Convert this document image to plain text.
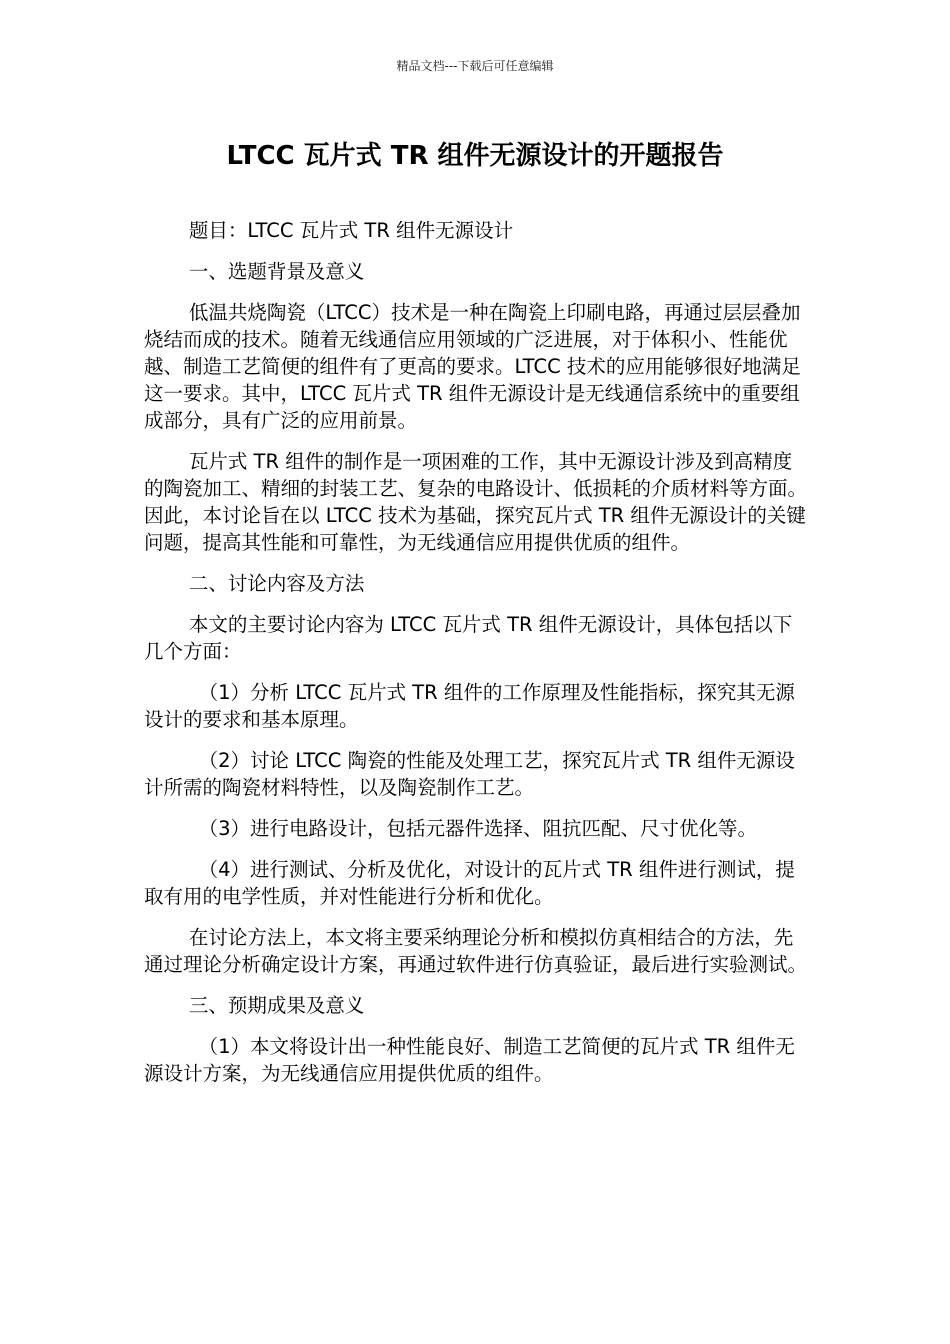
精品文档---下载后可任意编辑
LTCC 瓦片式 TR 组件无源设计的开题报告

题目：LTCC 瓦片式 TR 组件无源设计

一、选题背景及意义

低温共烧陶瓷（LTCC）技术是一种在陶瓷上印刷电路，再通过层层叠加烧结而成的技术。随着无线通信应用领域的广泛进展，对于体积小、性能优越、制造工艺简便的组件有了更高的要求。LTCC 技术的应用能够很好地满足这一要求。其中，LTCC 瓦片式 TR 组件无源设计是无线通信系统中的重要组成部分，具有广泛的应用前景。

瓦片式 TR 组件的制作是一项困难的工作，其中无源设计涉及到高精度的陶瓷加工、精细的封装工艺、复杂的电路设计、低损耗的介质材料等方面。因此，本讨论旨在以 LTCC 技术为基础，探究瓦片式 TR 组件无源设计的关键问题，提高其性能和可靠性，为无线通信应用提供优质的组件。

二、讨论内容及方法

本文的主要讨论内容为 LTCC 瓦片式 TR 组件无源设计，具体包括以下几个方面：

（1）分析 LTCC 瓦片式 TR 组件的工作原理及性能指标，探究其无源设计的要求和基本原理。

（2）讨论 LTCC 陶瓷的性能及处理工艺，探究瓦片式 TR 组件无源设计所需的陶瓷材料特性，以及陶瓷制作工艺。

（3）进行电路设计，包括元器件选择、阻抗匹配、尺寸优化等。

（4）进行测试、分析及优化，对设计的瓦片式 TR 组件进行测试，提取有用的电学性质，并对性能进行分析和优化。

在讨论方法上，本文将主要采纳理论分析和模拟仿真相结合的方法，先通过理论分析确定设计方案，再通过软件进行仿真验证，最后进行实验测试。

三、预期成果及意义

（1）本文将设计出一种性能良好、制造工艺简便的瓦片式 TR 组件无源设计方案，为无线通信应用提供优质的组件。
